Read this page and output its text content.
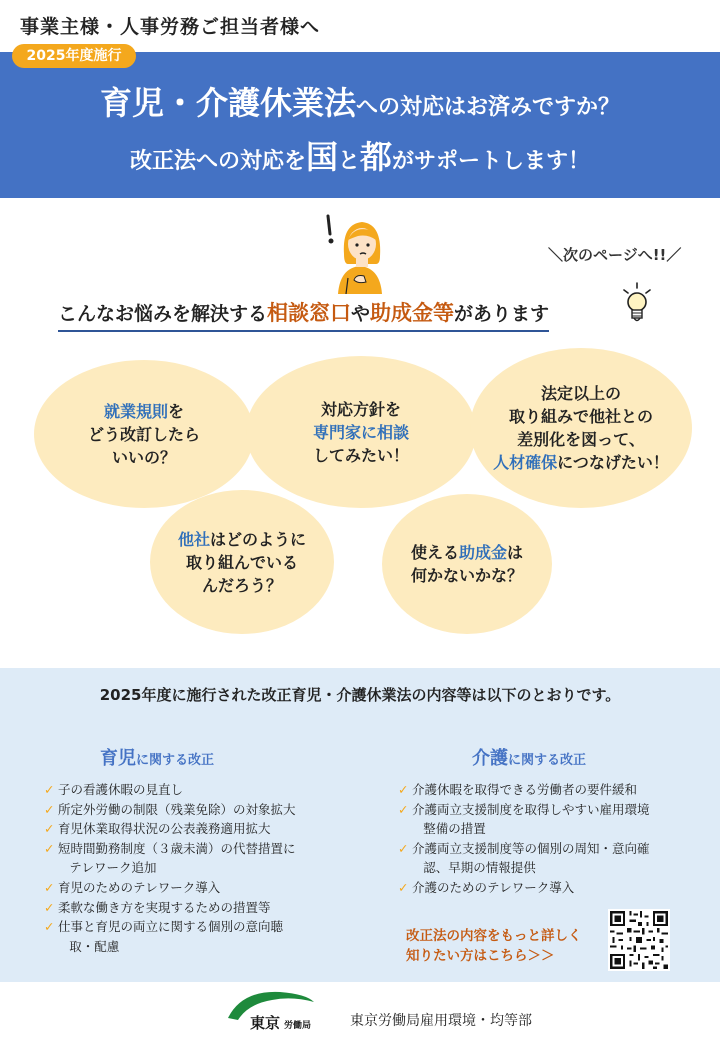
事業主様・人事労務ご担当者様へ
2025年度施行
育児・介護休業法への対応はお済みですか？
改正法への対応を国と都がサポートします！
＼次のページへ!!／
こんなお悩みを解決する相談窓口や助成金等があります
就業規則を
どう改訂したら
いいの？
対応方針を
専門家に相談
してみたい！
法定以上の
取り組みで他社との
差別化を図って、
人材確保につなげたい！
他社はどのように
取り組んでいる
んだろう？
使える助成金は
何かないかな？
2025年度に施行された改正育児・介護休業法の内容等は以下のとおりです。
育児に関する改正
✓ 子の看護休暇の見直し
✓ 所定外労働の制限（残業免除）の対象拡大
✓ 育児休業取得状況の公表義務適用拡大
✓ 短時間勤務制度（３歳未満）の代替措置に
テレワーク追加
✓ 育児のためのテレワーク導入
✓ 柔軟な働き方を実現するための措置等
✓ 仕事と育児の両立に関する個別の意向聴
取・配慮
介護に関する改正
✓ 介護休暇を取得できる労働者の要件緩和
✓ 介護両立支援制度を取得しやすい雇用環境
整備の措置
✓ 介護両立支援制度等の個別の周知・意向確
認、早期の情報提供
✓ 介護のためのテレワーク導入
改正法の内容をもっと詳しく
知りたい方はこちら＞＞
東京 労働局	東京労働局雇用環境・均等部
